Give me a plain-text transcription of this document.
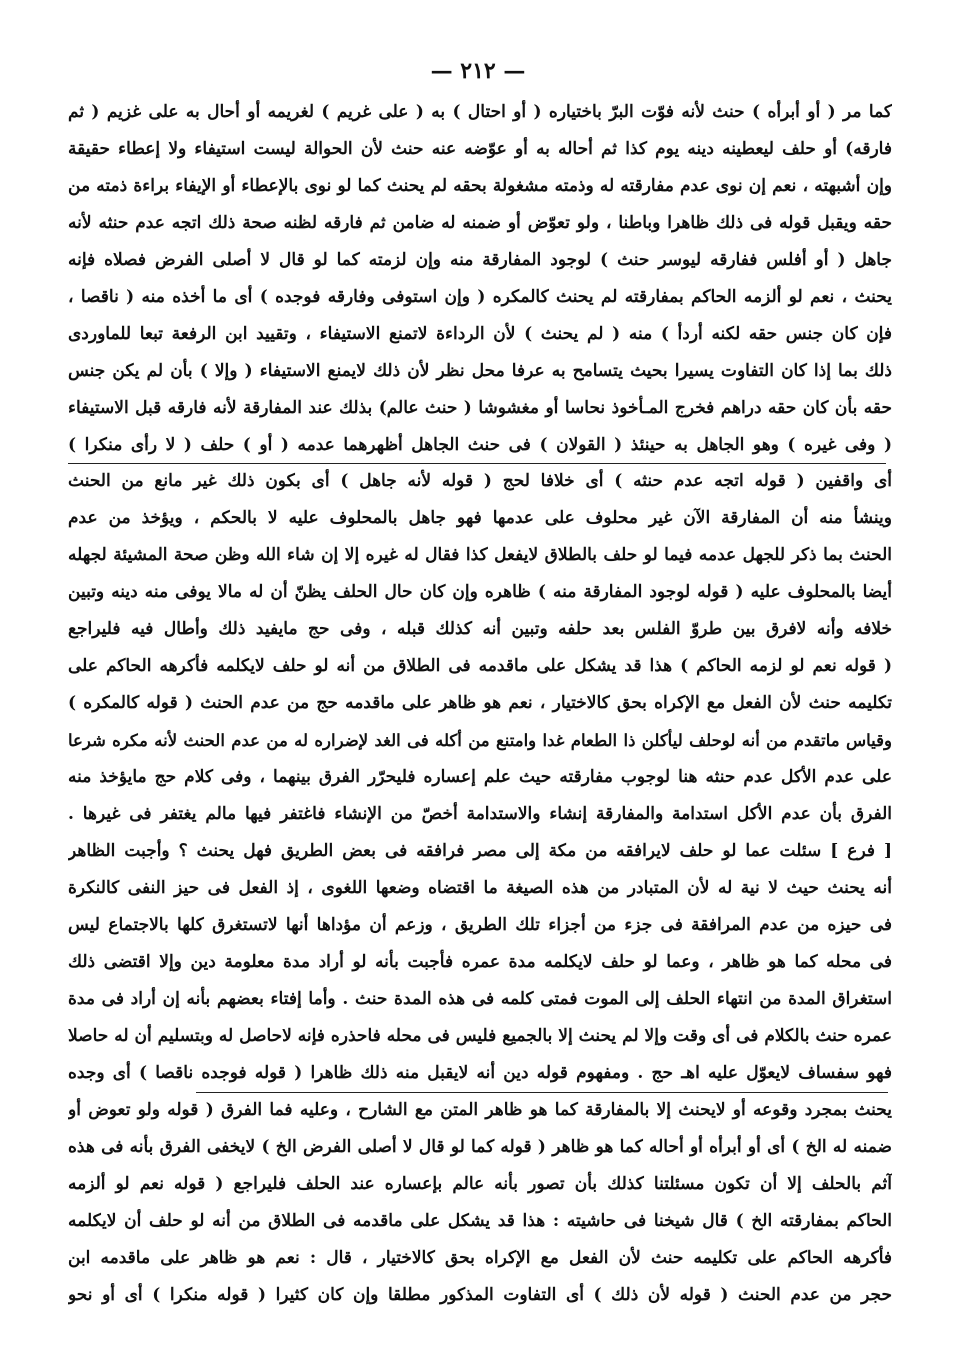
— ٢١٢ —
كما مر ( أو أبرأه ) حنث لأنه فوّت البرّ باختياره ( أو احتال ) به ( على غريم ) لغريمه أو أحال به على غزيم ( ثم
فارقه) أو حلف ليعطينه دينه يوم كذا ثم أحاله به أو عوّضه عنه حنث لأن الحوالة ليست استيفاء ولا إعطاء حقيقة
وإن أشبهته ، نعم إن نوى عدم مفارقته له وذمته مشغولة بحقه لم يحنث كما لو نوى بالإعطاء أو الإيفاء براءة ذمته من
حقه ويقبل قوله فى ذلك ظاهرا وباطنا ، ولو تعوّض أو ضمنه له ضامن ثم فارقه لظنه صحة ذلك اتجه عدم حنثه لأنه
جاهل ( أو أفلس ففارقه ليوسر حنث ) لوجود المفارقة منه وإن لزمته كما لو قال لا أصلى الفرض فصلاه فإنه
يحنث ، نعم لو ألزمه الحاكم بمفارقته لم يحنث كالمكره ( وإن استوفى وفارقه فوجده ) أى ما أخذه منه ( ناقصا ،
فإن كان جنس حقه لكنه أردأ ) منه ( لم يحنث ) لأن الرداءة لاتمنع الاستيفاء ، وتقييد ابن الرفعة تبعا للماوردى
ذلك بما إذا كان التفاوت يسيرا بحيث يتسامح به عرفا محل نظر لأن ذلك لايمنع الاستيفاء ( وإلا ) بأن لم يكن جنس
حقه بأن كان حقه دراهم فخرج المـأخوذ نحاسا أو مغشوشا ( حنث عالم) بذلك عند المفارقة لأنه فارقه قبل الاستيفاء
( وفى غيره ) وهو الجاهل به حينئذ ( القولان ) فى حنث الجاهل أظهرهما عدمه ( أو ) حلف ( لا رأى منكرا )
أى واقفين ( قوله اتجه عدم حنثه ) أى خلافا لحج ( قوله لأنه جاهل ) أى بكون ذلك غير مانع من الحنث
وينشأ منه أن المفارقة الآن غير محلوف على عدمها فهو جاهل بالمحلوف عليه لا بالحكم ، ويؤخذ من عدم
الحنث بما ذكر للجهل عدمه فيما لو حلف بالطلاق لايفعل كذا فقال له غيره إلا إن شاء الله وظن صحة المشيئة لجهله
أيضا بالمحلوف عليه ( قوله لوجود المفارقة منه ) ظاهره وإن كان حال الحلف يظنّ أن له مالا يوفى منه دينه وتبين
خلافه وأنه لافرق بين طروّ الفلس بعد حلفه وتبين أنه كذلك قبله ، وفى حج مايفيد ذلك وأطال فيه فليراجع
( قوله نعم لو لزمه الحاكم ) هذا قد يشكل على ماقدمه فى الطلاق من أنه لو حلف لايكلمه فأكرهه الحاكم على
تكليمه حنث لأن الفعل مع الإكراه بحق كالاختيار ، نعم هو ظاهر على ماقدمه حج من عدم الحنث ( قوله كالمكره )
وقياس ماتقدم من أنه لوحلف ليأكلن ذا الطعام غدا وامتنع من أكله فى الغد لإضراره له من عدم الحنث لأنه مكره شرعا
على عدم الأكل عدم حنثه هنا لوجوب مفارقته حيث علم إعساره فليحرّر الفرق بينهما ، وفى كلام حج مايؤخذ منه
الفرق بأن عدم الأكل استدامة والمفارقة إنشاء والاستدامة أخصّ من الإنشاء فاغتفر فيها مالم يغتفر فى غيرها .
[ فرع ] سئلت عما لو حلف لايرافقه من مكة إلى مصر فرافقه فى بعض الطريق فهل يحنث ؟ وأجبت الظاهر
أنه يحنث حيث لا نية له لأن المتبادر من هذه الصيغة ما اقتضاه وضعها اللغوى ، إذ الفعل فى حيز النفى كالنكرة
فى حيزه من عدم المرافقة فى جزء من أجزاء تلك الطريق ، وزعم أن مؤداها أنها لاتستغرق كلها بالاجتماع ليس
فى محله كما هو ظاهر ، وعما لو حلف لايكلمه مدة عمره فأجبت بأنه لو أراد مدة معلومة دين وإلا اقتضى ذلك
استغراق المدة من انتهاء الحلف إلى الموت فمتى كلمه فى هذه المدة حنث . وأما إفتاء بعضهم بأنه إن أراد فى مدة
عمره حنث بالكلام فى أى وقت وإلا لم يحنث إلا بالجميع فليس فى محله فاحذره فإنه لاحاصل له وبتسليم أن له حاصلا
فهو سفساف لايعوّل عليه اهـ حج . ومفهوم قوله دين أنه لايقبل منه ذلك ظاهرا ( قوله فوجده ناقصا ) أى وجده
يحنث بمجرد وقوعه أو لايحنث إلا بالمفارقة كما هو ظاهر المتن مع الشارح ، وعليه فما الفرق ( قوله ولو تعوض أو
ضمنه له الخ ) أى أو أبرأه أو أحاله كما هو ظاهر ( قوله كما لو قال لا أصلى الفرض الخ ) لايخفى الفرق بأنه فى هذه
آثم بالحلف إلا أن تكون مسئلتنا كذلك بأن تصور بأنه عالم بإعساره عند الحلف فليراجع ( قوله نعم لو ألزمه
الحاكم بمفارقته الخ ) قال شيخنا فى حاشيته : هذا قد يشكل على ماقدمه فى الطلاق من أنه لو حلف أن لايكلمه
فأكرهه الحاكم على تكليمه حنث لأن الفعل مع الإكراه بحق كالاختيار ، قال : نعم هو ظاهر على ماقدمه ابن
حجر من عدم الحنث ( قوله لأن ذلك ) أى التفاوت المذكور مطلقا وإن كان كثيرا ( قوله منكرا ) أى أو نحو
